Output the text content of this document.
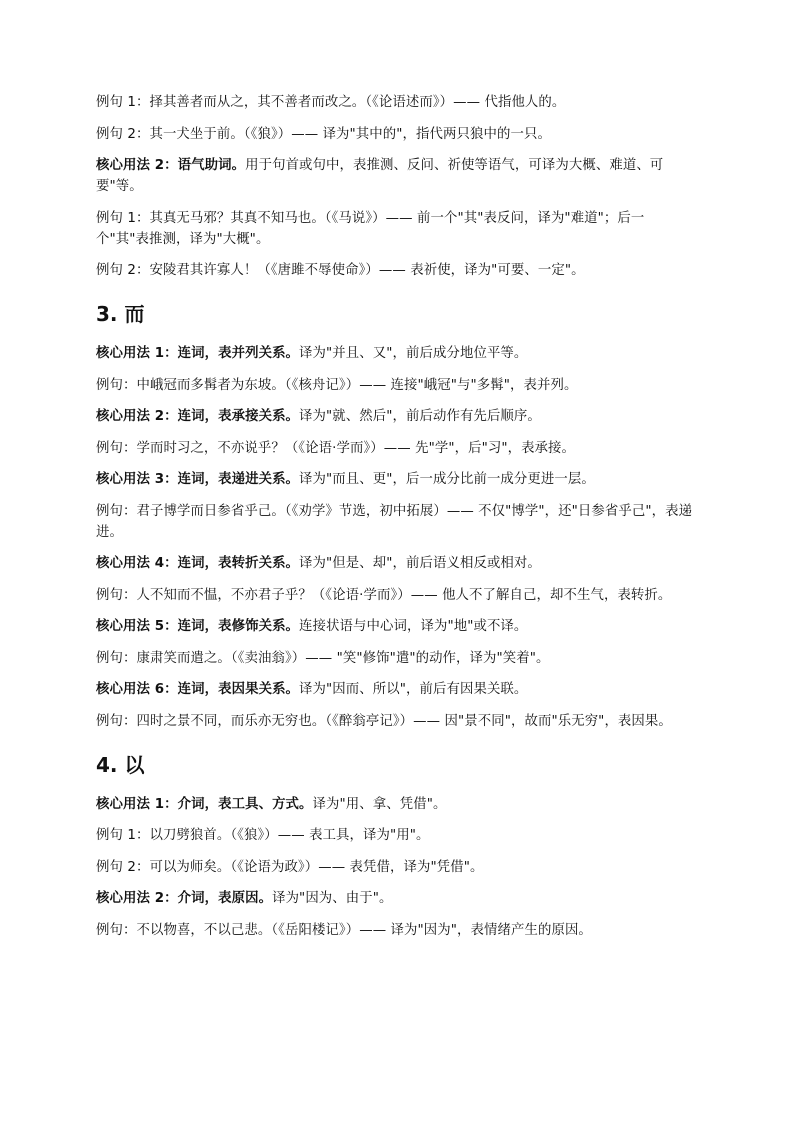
例句 1：择其善者而从之，其不善者而改之。（《论语述而》）—— 代指他人的。

例句 2：其一犬坐于前。（《狼》）—— 译为"其中的"，指代两只狼中的一只。

核心用法 2：语气助词。用于句首或句中，表推测、反问、祈使等语气，可译为大概、难道、可要"等。

例句 1：其真无马邪？其真不知马也。（《马说》）—— 前一个"其"表反问，译为"难道"；后一个"其"表推测，译为"大概"。

例句 2：安陵君其许寡人！（《唐雎不辱使命》）—— 表祈使，译为"可要、一定"。

3. 而

核心用法 1：连词，表并列关系。译为"并且、又"，前后成分地位平等。

例句：中峨冠而多髯者为东坡。（《核舟记》）—— 连接"峨冠"与"多髯"，表并列。

核心用法 2：连词，表承接关系。译为"就、然后"，前后动作有先后顺序。

例句：学而时习之，不亦说乎？（《论语·学而》）—— 先"学"，后"习"，表承接。

核心用法 3：连词，表递进关系。译为"而且、更"，后一成分比前一成分更进一层。

例句：君子博学而日参省乎己。（《劝学》节选，初中拓展）—— 不仅"博学"，还"日参省乎己"，表递进。

核心用法 4：连词，表转折关系。译为"但是、却"，前后语义相反或相对。

例句：人不知而不愠，不亦君子乎？（《论语·学而》）—— 他人不了解自己，却不生气，表转折。

核心用法 5：连词，表修饰关系。连接状语与中心词，译为"地"或不译。

例句：康肃笑而遣之。（《卖油翁》）—— "笑"修饰"遣"的动作，译为"笑着"。

核心用法 6：连词，表因果关系。译为"因而、所以"，前后有因果关联。

例句：四时之景不同，而乐亦无穷也。（《醉翁亭记》）—— 因"景不同"，故而"乐无穷"，表因果。

4. 以

核心用法 1：介词，表工具、方式。译为"用、拿、凭借"。

例句 1：以刀劈狼首。（《狼》）—— 表工具，译为"用"。

例句 2：可以为师矣。（《论语为政》）—— 表凭借，译为"凭借"。

核心用法 2：介词，表原因。译为"因为、由于"。

例句：不以物喜，不以己悲。（《岳阳楼记》）—— 译为"因为"，表情绪产生的原因。
